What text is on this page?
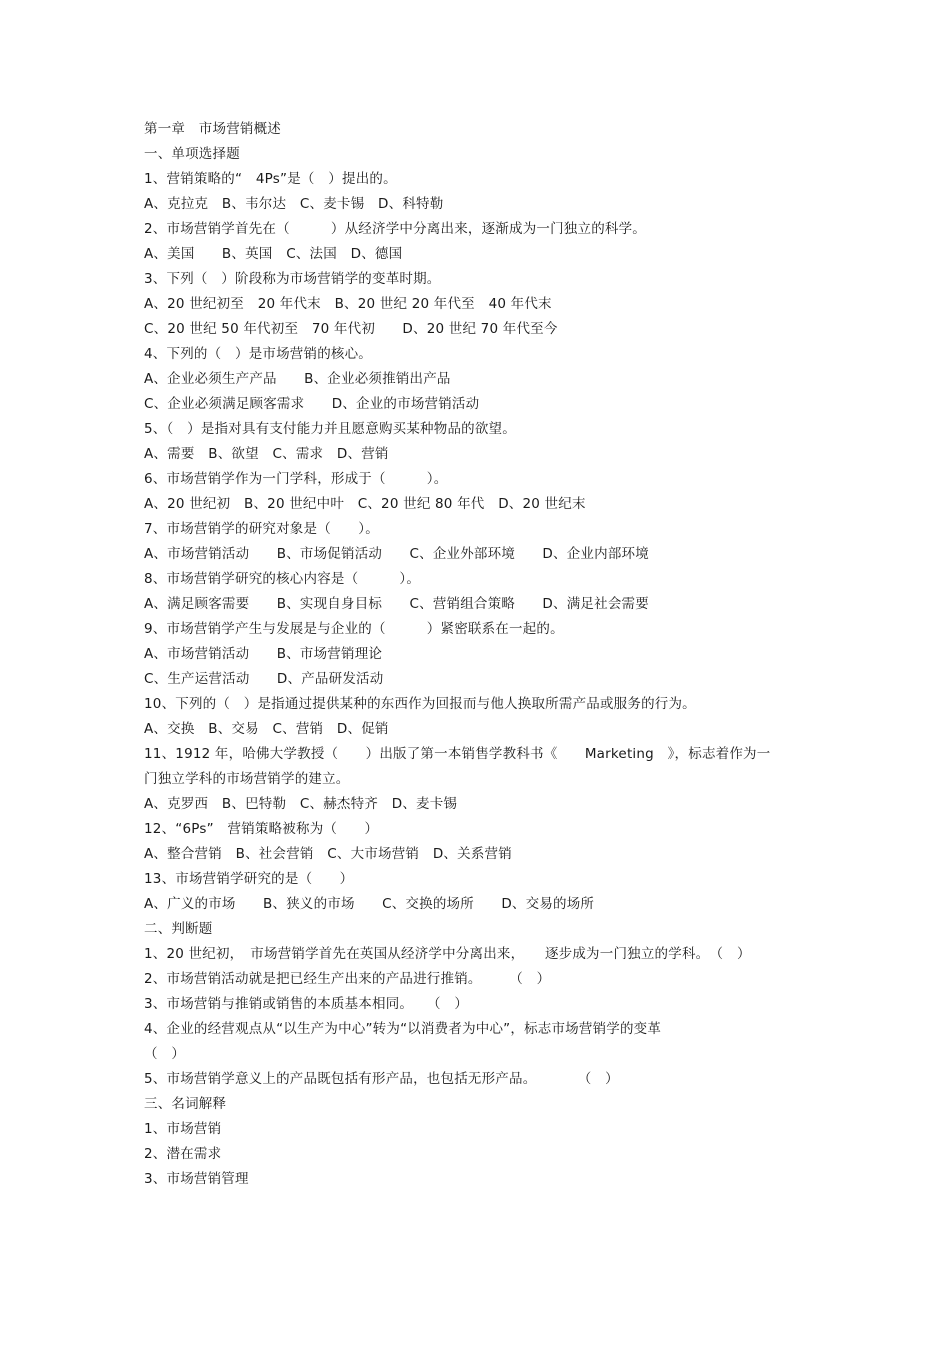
第一章　市场营销概述
一、单项选择题
1、营销策略的“　4Ps”是（　）提出的。
A、克拉克　B、韦尔达　C、麦卡锡　D、科特勒
2、市场营销学首先在（　　　）从经济学中分离出来，逐渐成为一门独立的科学。
A、美国　　B、英国　C、法国　D、德国
3、下列（　）阶段称为市场营销学的变革时期。
A、20 世纪初至　20 年代末　B、20 世纪 20 年代至　40 年代末
C、20 世纪 50 年代初至　70 年代初　　D、20 世纪 70 年代至今
4、下列的（　）是市场营销的核心。
A、企业必须生产产品　　B、企业必须推销出产品
C、企业必须满足顾客需求　　D、企业的市场营销活动
5、（　）是指对具有支付能力并且愿意购买某种物品的欲望。
A、需要　B、欲望　C、需求　D、营销
6、市场营销学作为一门学科，形成于（　　　）。
A、20 世纪初　B、20 世纪中叶　C、20 世纪 80 年代　D、20 世纪末
7、市场营销学的研究对象是（　　）。
A、市场营销活动　　B、市场促销活动　　C、企业外部环境　　D、企业内部环境
8、市场营销学研究的核心内容是（　　　）。
A、满足顾客需要　　B、实现自身目标　　C、营销组合策略　　D、满足社会需要
9、市场营销学产生与发展是与企业的（　　　）紧密联系在一起的。
A、市场营销活动　　B、市场营销理论
C、生产运营活动　　D、产品研发活动
10、下列的（　）是指通过提供某种的东西作为回报而与他人换取所需产品或服务的行为。
A、交换　B、交易　C、营销　D、促销
11、1912 年，哈佛大学教授（　　）出版了第一本销售学教科书《　　Marketing　》，标志着作为一
门独立学科的市场营销学的建立。
A、克罗西　B、巴特勒　C、赫杰特齐　D、麦卡锡
12、“6Ps”　营销策略被称为（　　）
A、整合营销　B、社会营销　C、大市场营销　D、关系营销
13、市场营销学研究的是（　　）
A、广义的市场　　B、狭义的市场　　C、交换的场所　　D、交易的场所
二、判断题
1、20 世纪初，　市场营销学首先在英国从经济学中分离出来，　　逐步成为一门独立的学科。　（　）
2、市场营销活动就是把已经生产出来的产品进行推销。　　　（　）
3、市场营销与推销或销售的本质基本相同。　　（　）
4、企业的经营观点从“以生产为中心”转为“以消费者为中心”，标志市场营销学的变革
（　）
5、市场营销学意义上的产品既包括有形产品，也包括无形产品。　　　　（　）
三、名词解释
1、市场营销
2、潜在需求
3、市场营销管理
